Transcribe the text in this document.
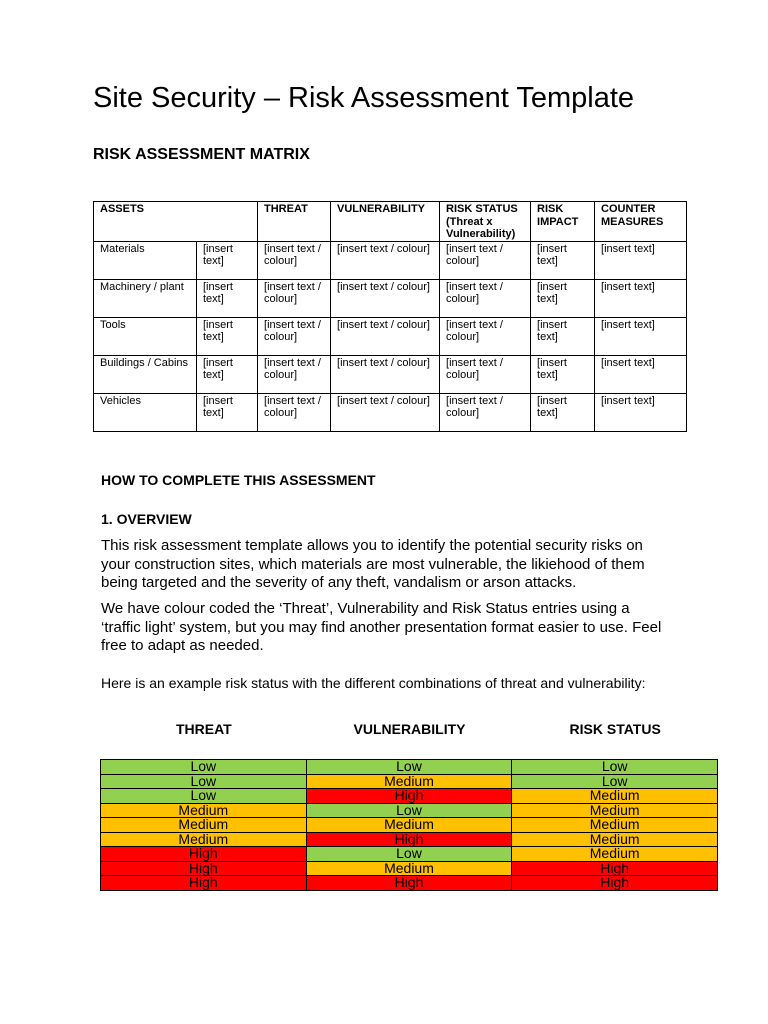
Site Security – Risk Assessment Template
RISK ASSESSMENT MATRIX
ASSETS		THREAT	VULNERABILITY	RISK STATUS (Threat x Vulnerability)	RISK IMPACT	COUNTER MEASURES
Materials	[insert text]	[insert text / colour]	[insert text / colour]	[insert text / colour]	[insert text]	[insert text]
Machinery / plant	[insert text]	[insert text / colour]	[insert text / colour]	[insert text / colour]	[insert text]	[insert text]
Tools	[insert text]	[insert text / colour]	[insert text / colour]	[insert text / colour]	[insert text]	[insert text]
Buildings / Cabins	[insert text]	[insert text / colour]	[insert text / colour]	[insert text / colour]	[insert text]	[insert text]
Vehicles	[insert text]	[insert text / colour]	[insert text / colour]	[insert text / colour]	[insert text]	[insert text]
HOW TO COMPLETE THIS ASSESSMENT
1. OVERVIEW

This risk assessment template allows you to identify the potential security risks on your construction sites, which materials are most vulnerable, the likiehood of them being targeted and the severity of any theft, vandalism or arson attacks.

We have colour coded the ‘Threat’, Vulnerability and Risk Status entries using a ‘traffic light’ system, but you may find another presentation format easier to use. Feel free to adapt as needed.

Here is an example risk status with the different combinations of threat and vulnerability:

THREAT	VULNERABILITY	RISK STATUS
Low	Low	Low
Low	Medium	Low
Low	High	Medium
Medium	Low	Medium
Medium	Medium	Medium
Medium	High	Medium
High	Low	Medium
High	Medium	High
High	High	High
